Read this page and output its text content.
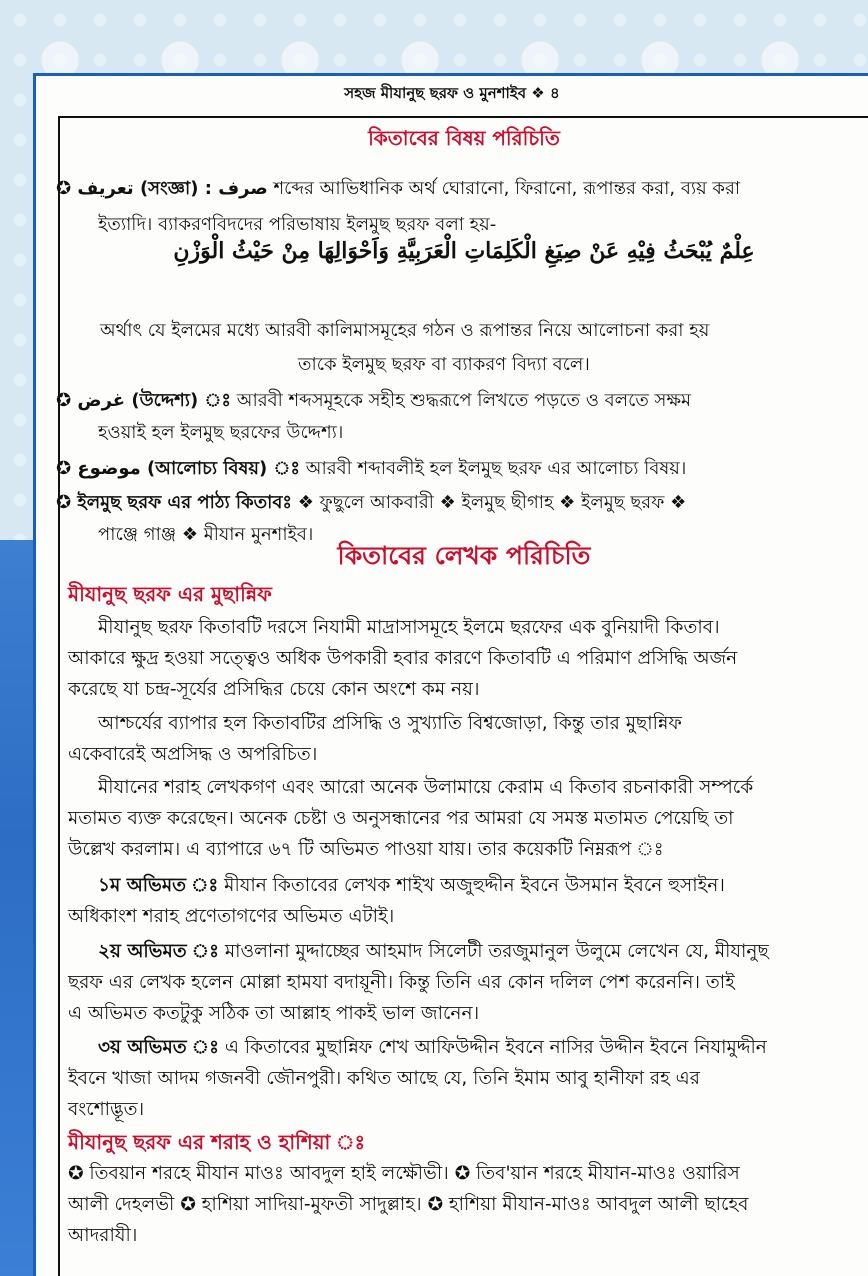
সহজ মীযানুছ ছরফ ও মুনশাইব ❖ ৪
কিতাবের বিষয় পরিচিতি
✪ تعريف (সংজ্ঞা) : صرف শব্দের আভিধানিক অর্থ ঘোরানো, ফিরানো, রূপান্তর করা, ব্যয় করা
ইত্যাদি। ব্যাকরণবিদদের পরিভাষায় ইলমুছ ছরফ বলা হয়-
عِلْمٌ يُبْحَثُ فِيْهِ عَنْ صِيَغِ الْكَلِمَاتِ الْعَرَبِيَّةِ وَاَحْوَالِهَا مِنْ حَيْثُ الْوَزْنِ
অর্থাৎ যে ইলমের মধ্যে আরবী কালিমাসমূহের গঠন ও রূপান্তর নিয়ে আলোচনা করা হয়
তাকে ইলমুছ ছরফ বা ব্যাকরণ বিদ্যা বলে।
✪ غرض (উদ্দেশ্য) ঃ আরবী শব্দসমূহকে সহীহ শুদ্ধরূপে লিখতে পড়তে ও বলতে সক্ষম
হওয়াই হল ইলমুছ ছরফের উদ্দেশ্য।
✪ موضوع (আলোচ্য বিষয়) ঃ আরবী শব্দাবলীই হল ইলমুছ ছরফ এর আলোচ্য বিষয়।
✪ ইলমুছ ছরফ এর পাঠ্য কিতাবঃ ❖ ফুছুলে আকবারী ❖ ইলমুছ ছীগাহ ❖ ইলমুছ ছরফ ❖
পাঞ্জে গাঞ্জ ❖ মীযান মুনশাইব।
কিতাবের লেখক পরিচিতি
মীযানুছ ছরফ এর মুছান্নিফ
মীযানুছ ছরফ কিতাবটি দরসে নিযামী মাদ্রাসাসমূহে ইলমে ছরফের এক বুনিয়াদী কিতাব।
আকারে ক্ষুদ্র হওয়া সত্ত্বেও অধিক উপকারী হবার কারণে কিতাবটি এ পরিমাণ প্রসিদ্ধি অর্জন
করেছে যা চন্দ্র-সূর্যের প্রসিদ্ধির চেয়ে কোন অংশে কম নয়।
আশ্চর্যের ব্যাপার হল কিতাবটির প্রসিদ্ধি ও সুখ্যাতি বিশ্বজোড়া, কিন্তু তার মুছান্নিফ
একেবারেই অপ্রসিদ্ধ ও অপরিচিত।
মীযানের শরাহ লেখকগণ এবং আরো অনেক উলামায়ে কেরাম এ কিতাব রচনাকারী সম্পর্কে
মতামত ব্যক্ত করেছেন। অনেক চেষ্টা ও অনুসন্ধানের পর আমরা যে সমস্ত মতামত পেয়েছি তা
উল্লেখ করলাম। এ ব্যাপারে ৬৭ টি অভিমত পাওয়া যায়। তার কয়েকটি নিম্নরূপ ঃ
১ম অভিমত ঃ মীযান কিতাবের লেখক শাইখ অজুহুদ্দীন ইবনে উসমান ইবনে হুসাইন।
অধিকাংশ শরাহ প্রণেতাগণের অভিমত এটাই।
২য় অভিমত ঃ মাওলানা মুদ্দাচ্ছের আহমাদ সিলেটী তরজুমানুল উলুমে লেখেন যে, মীযানুছ
ছরফ এর লেখক হলেন মোল্লা হামযা বদায়ূনী। কিন্তু তিনি এর কোন দলিল পেশ করেননি। তাই
এ অভিমত কতটুকু সঠিক তা আল্লাহ পাকই ভাল জানেন।
৩য় অভিমত ঃ এ কিতাবের মুছান্নিফ শেখ আফিউদ্দীন ইবনে নাসির উদ্দীন ইবনে নিযামুদ্দীন
ইবনে খাজা আদম গজনবী জৌনপুরী। কথিত আছে যে, তিনি ইমাম আবু হানীফা রহ এর
বংশোদ্ভূত।
মীযানুছ ছরফ এর শরাহ ও হাশিয়া ঃ
✪ তিবয়ান শরহে মীযান মাওঃ আবদুল হাই লক্ষৌভী। ✪ তিব'য়ান শরহে মীযান-মাওঃ ওয়ারিস
আলী দেহলভী ✪ হাশিয়া সাদিয়া-মুফতী সাদুল্লাহ। ✪ হাশিয়া মীযান-মাওঃ আবদুল আলী ছাহেব
আদরাযী।
